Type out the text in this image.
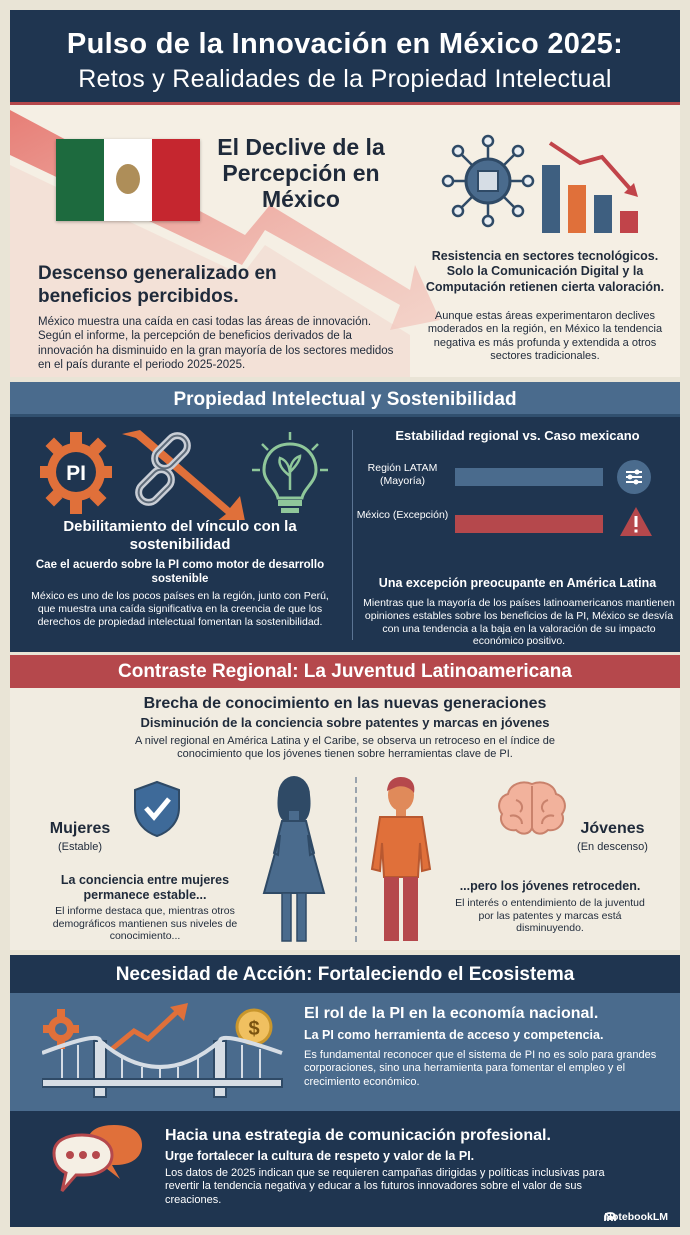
Pulso de la Innovación en México 2025:
Retos y Realidades de la Propiedad Intelectual
El Declive de la Percepción en México
Descenso generalizado en beneficios percibidos.
México muestra una caída en casi todas las áreas de innovación. Según el informe, la percepción de beneficios derivados de la innovación ha disminuido en la gran mayoría de los sectores medidos en el país durante el periodo 2025-2025.
Resistencia en sectores tecnológicos. Solo la Comunicación Digital y la Computación retienen cierta valoración.
Aunque estas áreas experimentaron declives moderados en la región, en México la tendencia negativa es más profunda y extendida a otros sectores tradicionales.
Propiedad Intelectual y Sostenibilidad
PI
Debilitamiento del vínculo con la sostenibilidad
Cae el acuerdo sobre la PI como motor de desarrollo sostenible
México es uno de los pocos países en la región, junto con Perú, que muestra una caída significativa en la creencia de que los derechos de propiedad intelectual fomentan la sostenibilidad.
Estabilidad regional vs. Caso mexicano
Región LATAM (Mayoría)
México (Excepción)
Una excepción preocupante en América Latina
Mientras que la mayoría de los países latinoamericanos mantienen opiniones estables sobre los beneficios de la PI, México se desvía con una tendencia a la baja en la valoración de su impacto económico positivo.
Contraste Regional: La Juventud Latinoamericana
Brecha de conocimiento en las nuevas generaciones
Disminución de la conciencia sobre patentes y marcas en jóvenes
A nivel regional en América Latina y el Caribe, se observa un retroceso en el índice de conocimiento que los jóvenes tienen sobre herramientas clave de PI.
Mujeres
(Estable)
Jóvenes
(En descenso)
La conciencia entre mujeres permanece estable...
El informe destaca que, mientras otros demográficos mantienen sus niveles de conocimiento...
...pero los jóvenes retroceden.
El interés o entendimiento de la juventud por las patentes y marcas está disminuyendo.
Necesidad de Acción: Fortaleciendo el Ecosistema
$
El rol de la PI en la economía nacional.
La PI como herramienta de acceso y competencia.
Es fundamental reconocer que el sistema de PI no es solo para grandes corporaciones, sino una herramienta para fomentar el empleo y el crecimiento económico.
Hacia una estrategia de comunicación profesional.
Urge fortalecer la cultura de respeto y valor de la PI.
Los datos de 2025 indican que se requieren campañas dirigidas y políticas inclusivas para revertir la tendencia negativa y educar a los futuros innovadores sobre el valor de sus creaciones.
NotebookLM
